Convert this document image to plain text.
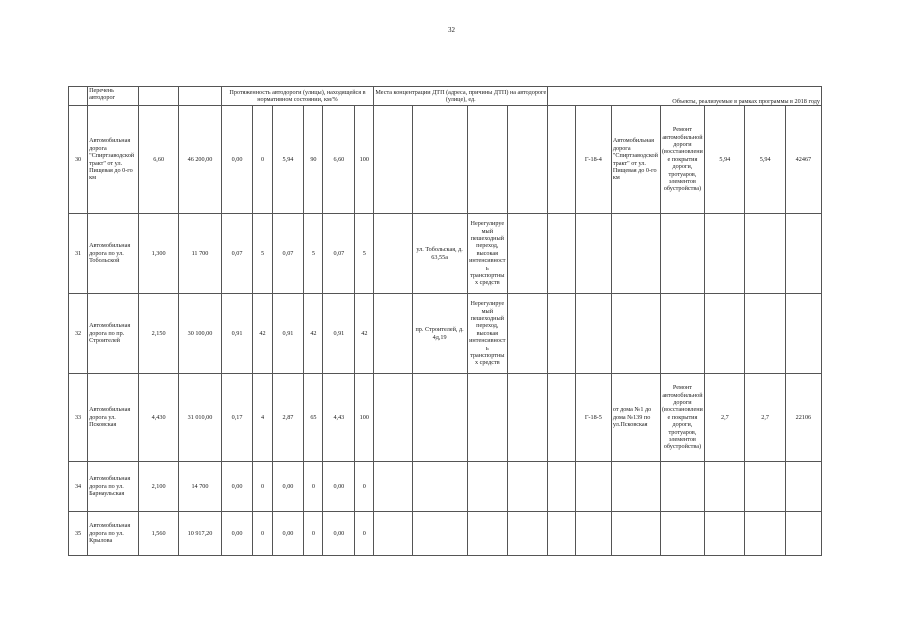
32

	Перечень автодорог			Протяженность автодороги (улицы), находящейся в нормативном состоянии, км/%						Места концентрации ДТП (адреса, причины ДТП) на автодороге (улице), ед.				Объекты, реализуемые в рамках программы в 2018 году						
30	Автомобильная дорога "Спиртзаводской тракт" от ул. Пищевая до 0-го км	6,60	46 200,00	0,00	0	5,94	90	6,60	100						Г-18-4	Автомобильная дорога "Спиртзаводской тракт" от ул. Пищевая до 0-го км	Ремонт автомобильной дороги (восстановление покрытия дороги, тротуаров, элементов обустройства)	5,94	5,94	42467
31	Автомобильная дорога по ул. Тобольской	1,300	11 700	0,07	5	0,07	5	0,07	5		ул. Тобольская, д. 63,55а	Нерегулируемый пешеходный переход, высокая интенсивность транспортных средств								
32	Автомобильная дорога по пр. Строителей	2,150	30 100,00	0,91	42	0,91	42	0,91	42		пр. Строителей, д. 4д,19	Нерегулируемый пешеходный переход, высокая интенсивность транспортных средств								
33	Автомобильная дорога ул. Псковская	4,430	31 010,00	0,17	4	2,87	65	4,43	100						Г-18-5	от дома №1 до дома №139 по ул.Псковская	Ремонт автомобильной дороги (восстановление покрытия дороги, тротуаров, элементов обустройства)	2,7	2,7	22106
34	Автомобильная дорога по ул. Барнаульская	2,100	14 700	0,00	0	0,00	0	0,00	0											
35	Автомобильная дорога по ул. Крылова	1,560	10 917,20	0,00	0	0,00	0	0,00	0											
